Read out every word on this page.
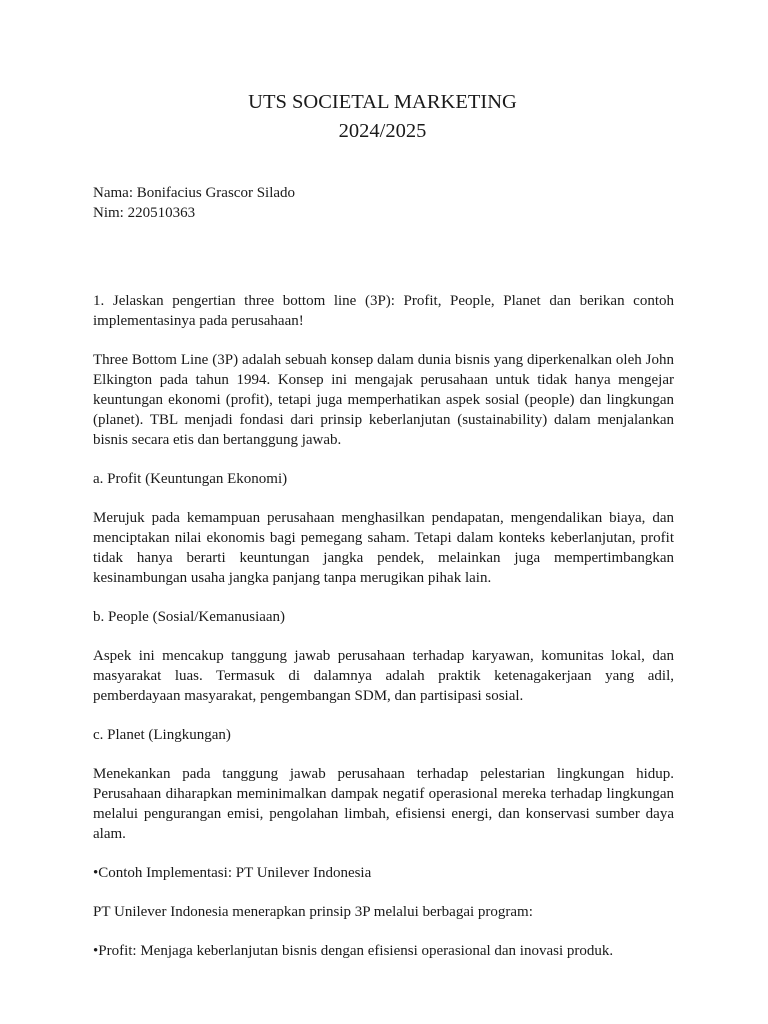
UTS SOCIETAL MARKETING
2024/2025
Nama: Bonifacius Grascor Silado
Nim: 220510363

1. Jelaskan pengertian three bottom line (3P): Profit, People, Planet dan berikan contoh implementasinya pada perusahaan!

Three Bottom Line (3P) adalah sebuah konsep dalam dunia bisnis yang diperkenalkan oleh John Elkington pada tahun 1994. Konsep ini mengajak perusahaan untuk tidak hanya mengejar keuntungan ekonomi (profit), tetapi juga memperhatikan aspek sosial (people) dan lingkungan (planet). TBL menjadi fondasi dari prinsip keberlanjutan (sustainability) dalam menjalankan bisnis secara etis dan bertanggung jawab.

a. Profit (Keuntungan Ekonomi)

Merujuk pada kemampuan perusahaan menghasilkan pendapatan, mengendalikan biaya, dan menciptakan nilai ekonomis bagi pemegang saham. Tetapi dalam konteks keberlanjutan, profit tidak hanya berarti keuntungan jangka pendek, melainkan juga mempertimbangkan kesinambungan usaha jangka panjang tanpa merugikan pihak lain.

b. People (Sosial/Kemanusiaan)

Aspek ini mencakup tanggung jawab perusahaan terhadap karyawan, komunitas lokal, dan masyarakat luas. Termasuk di dalamnya adalah praktik ketenagakerjaan yang adil, pemberdayaan masyarakat, pengembangan SDM, dan partisipasi sosial.

c. Planet (Lingkungan)

Menekankan pada tanggung jawab perusahaan terhadap pelestarian lingkungan hidup. Perusahaan diharapkan meminimalkan dampak negatif operasional mereka terhadap lingkungan melalui pengurangan emisi, pengolahan limbah, efisiensi energi, dan konservasi sumber daya alam.

•Contoh Implementasi: PT Unilever Indonesia

PT Unilever Indonesia menerapkan prinsip 3P melalui berbagai program:

•Profit: Menjaga keberlanjutan bisnis dengan efisiensi operasional dan inovasi produk.
